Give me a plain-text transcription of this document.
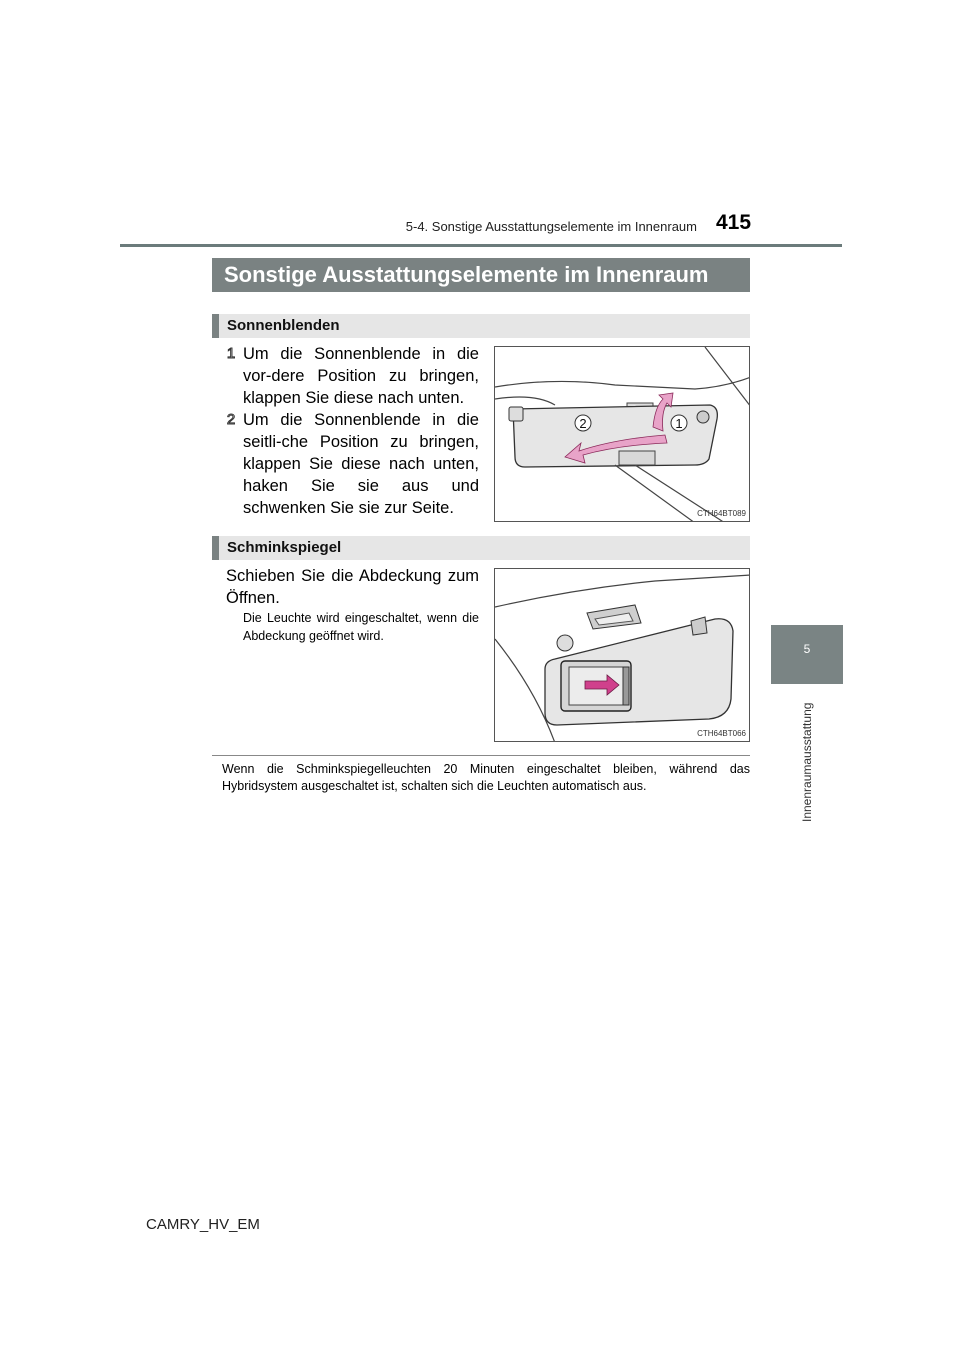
5-4. Sonstige Ausstattungselemente im Innenraum 415
5
Innenraumausstattung
Sonstige Ausstattungselemente im Innenraum
Sonnenblenden
1 Um die Sonnenblende in die vor-dere Position zu bringen, klappen Sie diese nach unten.
2 Um die Sonnenblende in die seitli-che Position zu bringen, klappen Sie diese nach unten, haken Sie sie aus und schwenken Sie sie zur Seite.
2	1
CTH64BT089
Schminkspiegel
Schieben Sie die Abdeckung zum Öffnen.
Die Leuchte wird eingeschaltet, wenn die Abdeckung geöffnet wird.
CTH64BT066
Wenn die Schminkspiegelleuchten 20 Minuten eingeschaltet bleiben, während das Hybridsystem ausgeschaltet ist, schalten sich die Leuchten automatisch aus.
CAMRY_HV_EM
